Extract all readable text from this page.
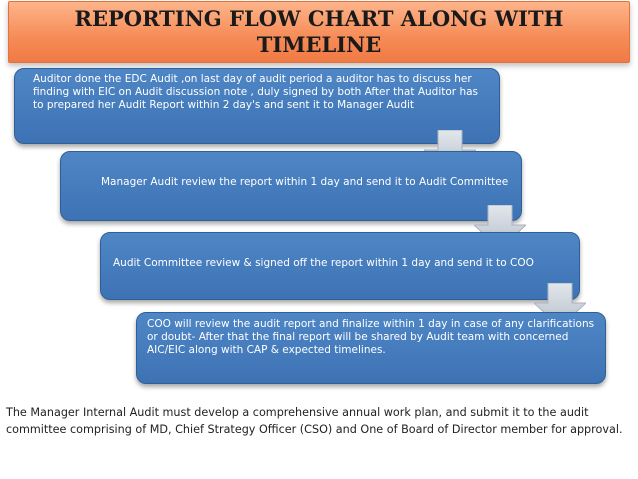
REPORTING FLOW CHART ALONG WITH TIMELINE
Auditor done the EDC Audit ,on last day of audit period a auditor has to discuss her finding with EIC on Audit discussion note , duly signed by both After that Auditor has to prepared her Audit Report within 2 day's and sent it to Manager Audit
Manager Audit review the report within 1 day and send it to Audit Committee
Audit Committee review & signed off the report within 1 day and send it to COO
COO will review the audit report and finalize within 1 day in case of any clarifications or doubt- After that the final report will be shared by Audit team with concerned AIC/EIC along with CAP & expected timelines.
The Manager Internal Audit must develop a comprehensive annual work plan, and submit it to the audit committee comprising of MD, Chief Strategy Officer (CSO) and One of Board of Director member for approval.
